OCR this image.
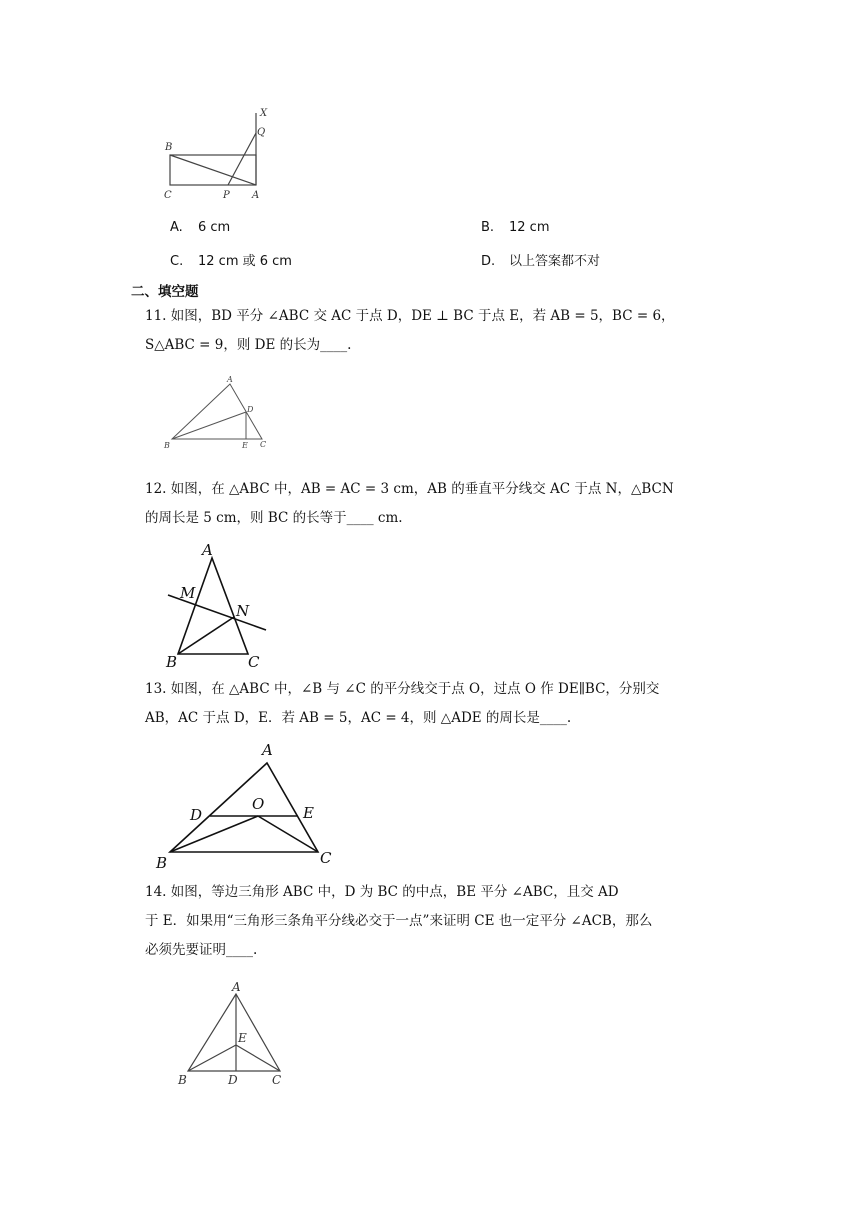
X
Q
B
C	P A
A. 6 cm	B. 12 cm
C. 12 cm 或 6 cm	D. 以上答案都不对
二、填空题
11. 如图，BD 平分 ∠ABC 交 AC 于点 D，DE ⊥ BC 于点 E，若 AB = 5，BC = 6，
S△ABC = 9，则 DE 的长为____.
A
D
B	E C
12. 如图，在 △ABC 中，AB = AC = 3 cm，AB 的垂直平分线交 AC 于点 N，△BCN
的周长是 5 cm，则 BC 的长等于____ cm.
A
M
N
B	C
13. 如图，在 △ABC 中，∠B 与 ∠C 的平分线交于点 O，过点 O 作 DE∥BC，分别交
AB，AC 于点 D，E．若 AB = 5，AC = 4，则 △ADE 的周长是____.
A
D
O	E
B	C
14. 如图，等边三角形 ABC 中，D 为 BC 的中点，BE 平分 ∠ABC，且交 AD
于 E．如果用“三角形三条角平分线必交于一点”来证明 CE 也一定平分 ∠ACB，那么
必须先要证明____.
A
E
B	D	C
